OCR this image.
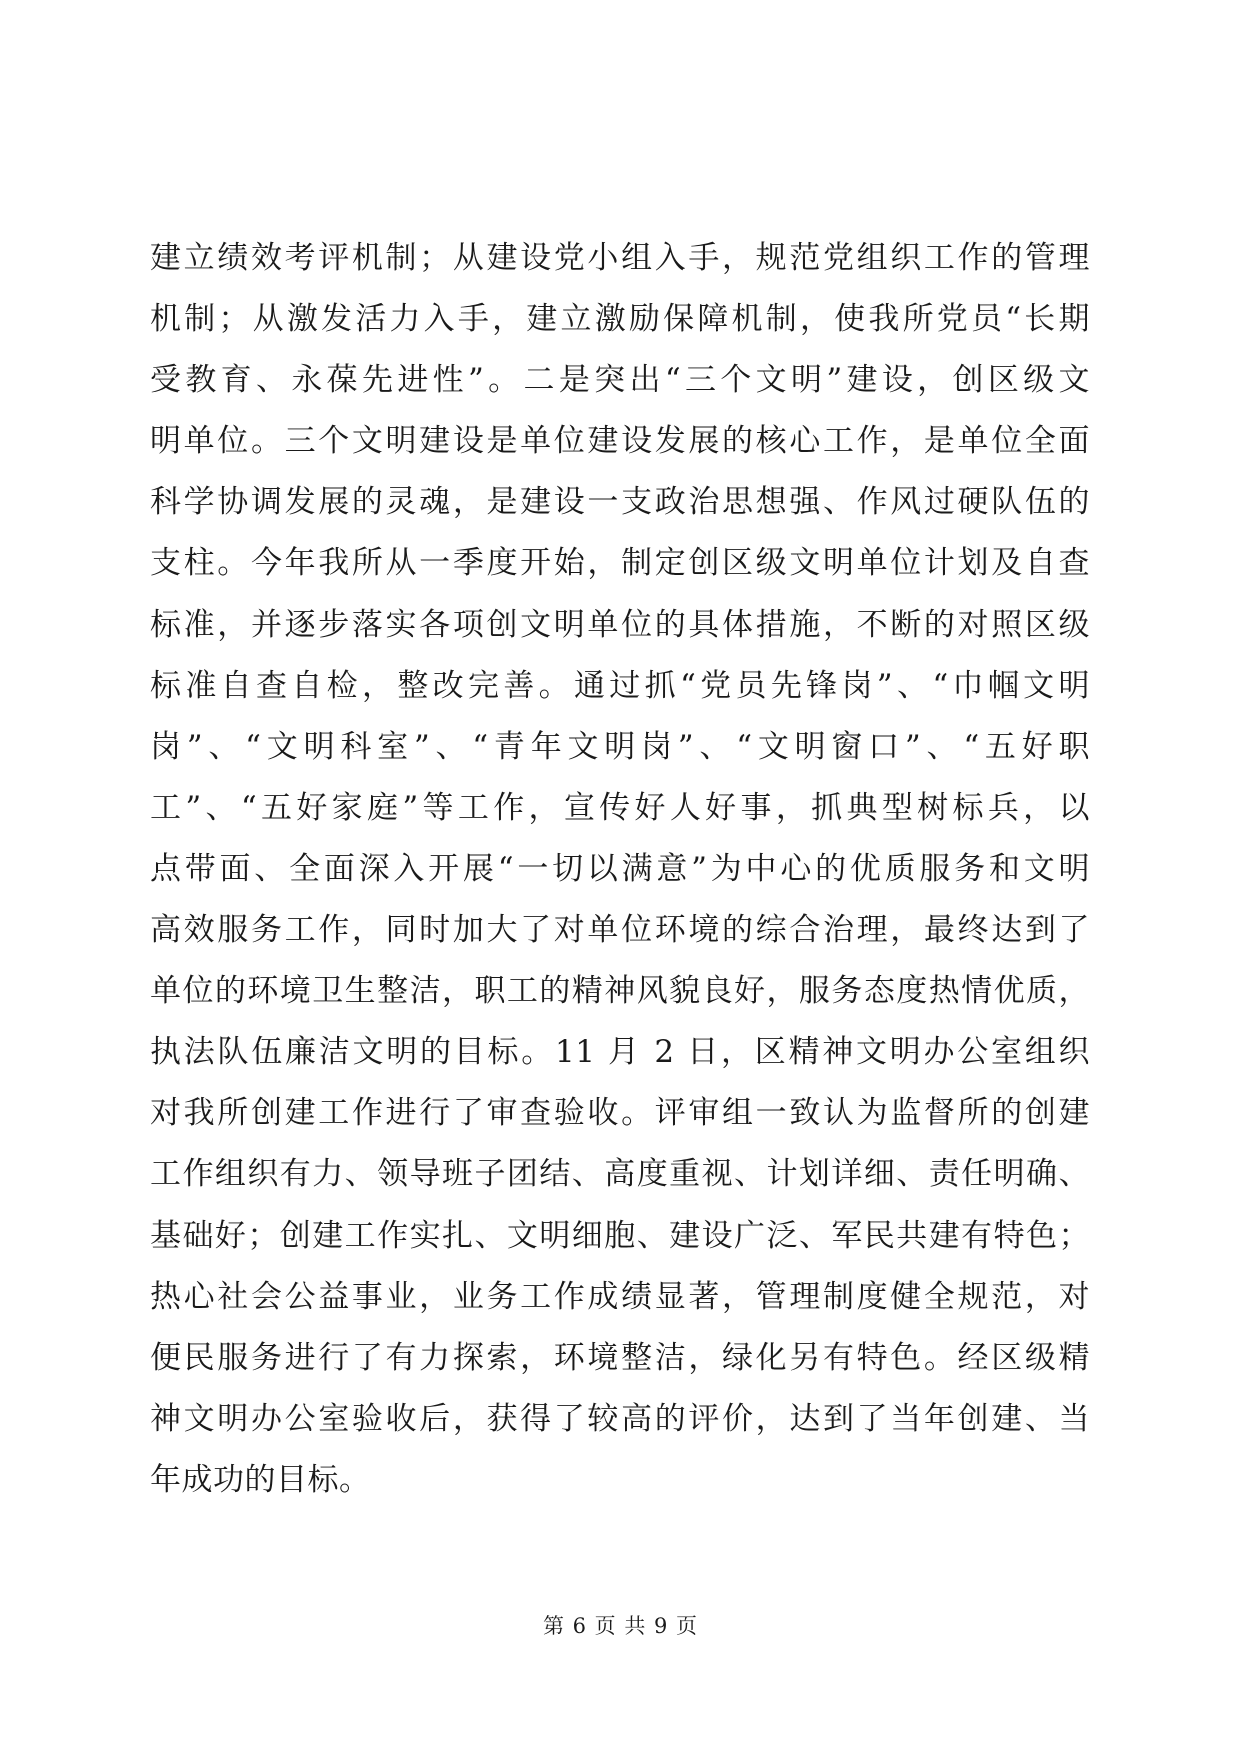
建立绩效考评机制；从建设党小组入手，规范党组织工作的管理
机制；从激发活力入手，建立激励保障机制，使我所党员“长期
受教育、永葆先进性”。二是突出“三个文明”建设，创区级文
明单位。三个文明建设是单位建设发展的核心工作，是单位全面
科学协调发展的灵魂，是建设一支政治思想强、作风过硬队伍的
支柱。今年我所从一季度开始，制定创区级文明单位计划及自查
标准，并逐步落实各项创文明单位的具体措施，不断的对照区级
标准自查自检，整改完善。通过抓“党员先锋岗”、“巾帼文明
岗”、“文明科室”、“青年文明岗”、“文明窗口”、“五好职
工”、“五好家庭”等工作，宣传好人好事，抓典型树标兵，以
点带面、全面深入开展“一切以满意”为中心的优质服务和文明
高效服务工作，同时加大了对单位环境的综合治理，最终达到了
单位的环境卫生整洁，职工的精神风貌良好，服务态度热情优质，
执法队伍廉洁文明的目标。11 月 2 日，区精神文明办公室组织
对我所创建工作进行了审查验收。评审组一致认为监督所的创建
工作组织有力、领导班子团结、高度重视、计划详细、责任明确、
基础好；创建工作实扎、文明细胞、建设广泛、军民共建有特色；
热心社会公益事业，业务工作成绩显著，管理制度健全规范，对
便民服务进行了有力探索，环境整洁，绿化另有特色。经区级精
神文明办公室验收后，获得了较高的评价，达到了当年创建、当
年成功的目标。
第 6 页 共 9 页
